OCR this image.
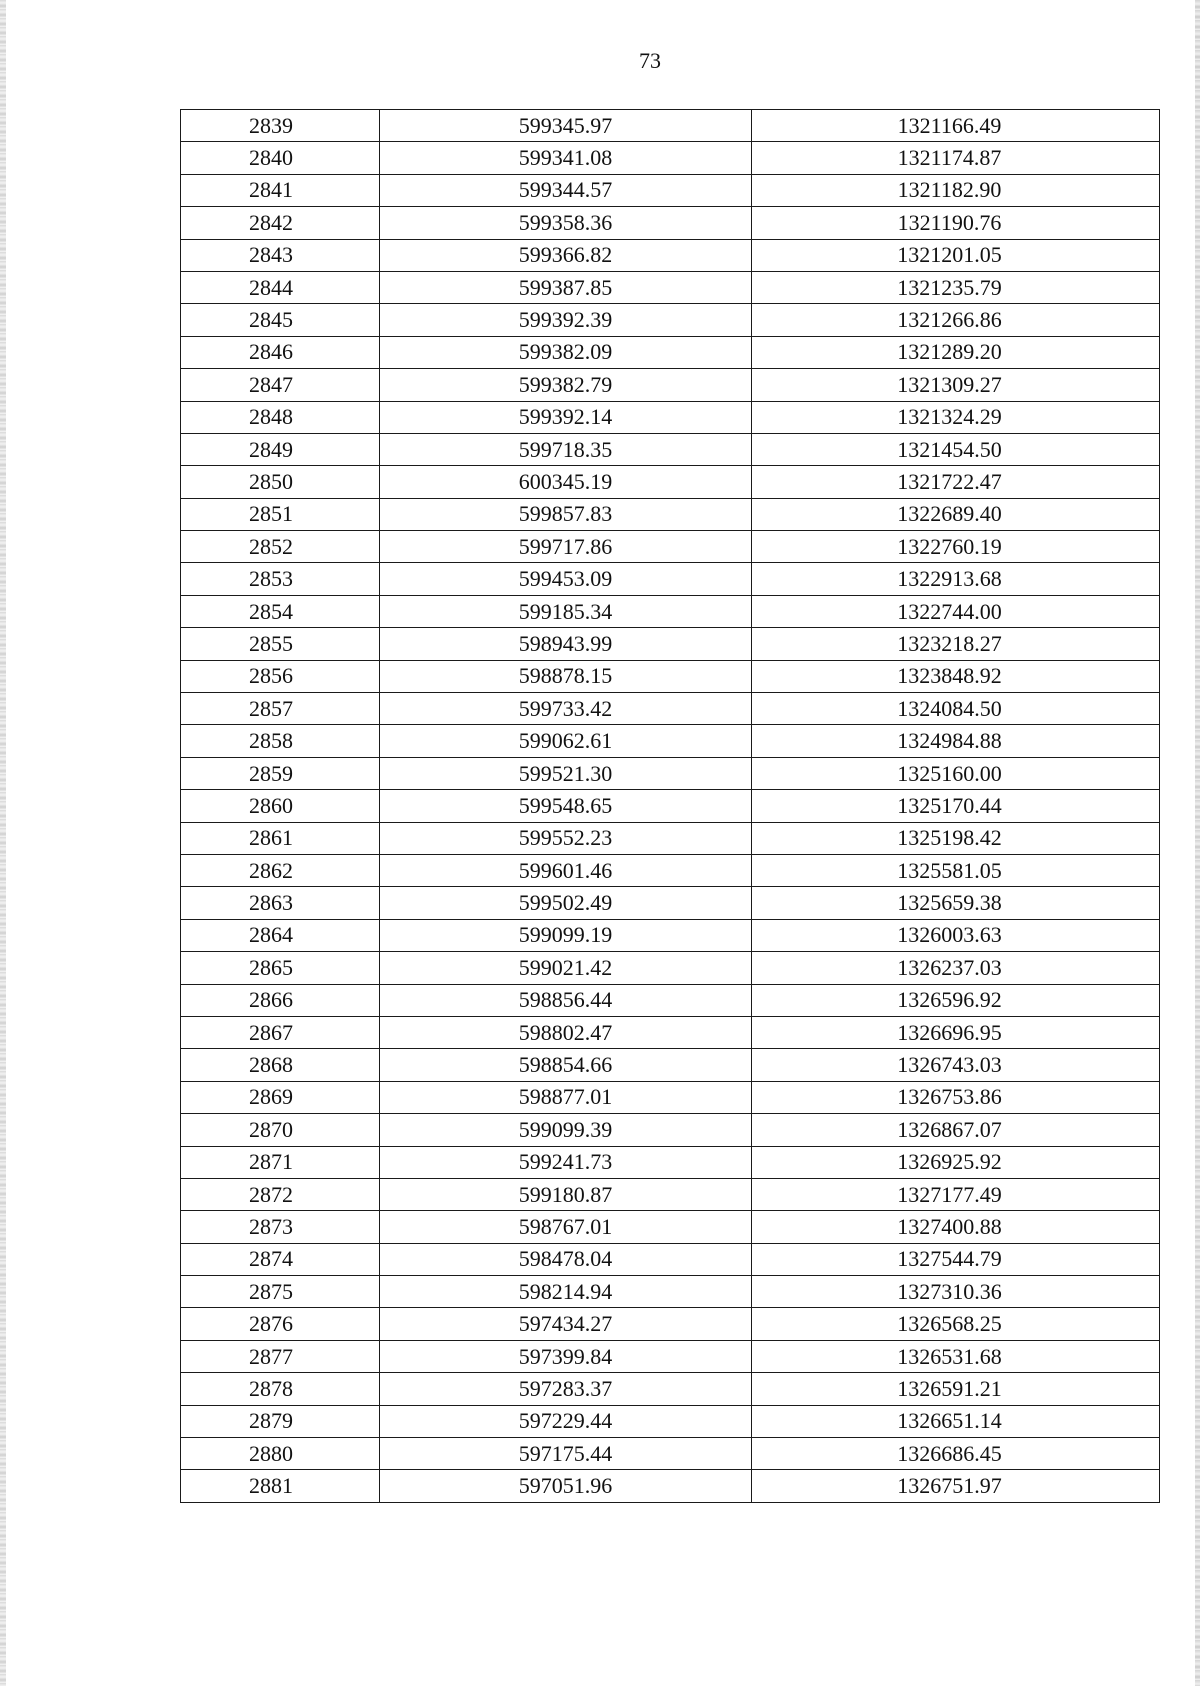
73
2839	599345.97	1321166.49
2840	599341.08	1321174.87
2841	599344.57	1321182.90
2842	599358.36	1321190.76
2843	599366.82	1321201.05
2844	599387.85	1321235.79
2845	599392.39	1321266.86
2846	599382.09	1321289.20
2847	599382.79	1321309.27
2848	599392.14	1321324.29
2849	599718.35	1321454.50
2850	600345.19	1321722.47
2851	599857.83	1322689.40
2852	599717.86	1322760.19
2853	599453.09	1322913.68
2854	599185.34	1322744.00
2855	598943.99	1323218.27
2856	598878.15	1323848.92
2857	599733.42	1324084.50
2858	599062.61	1324984.88
2859	599521.30	1325160.00
2860	599548.65	1325170.44
2861	599552.23	1325198.42
2862	599601.46	1325581.05
2863	599502.49	1325659.38
2864	599099.19	1326003.63
2865	599021.42	1326237.03
2866	598856.44	1326596.92
2867	598802.47	1326696.95
2868	598854.66	1326743.03
2869	598877.01	1326753.86
2870	599099.39	1326867.07
2871	599241.73	1326925.92
2872	599180.87	1327177.49
2873	598767.01	1327400.88
2874	598478.04	1327544.79
2875	598214.94	1327310.36
2876	597434.27	1326568.25
2877	597399.84	1326531.68
2878	597283.37	1326591.21
2879	597229.44	1326651.14
2880	597175.44	1326686.45
2881	597051.96	1326751.97
